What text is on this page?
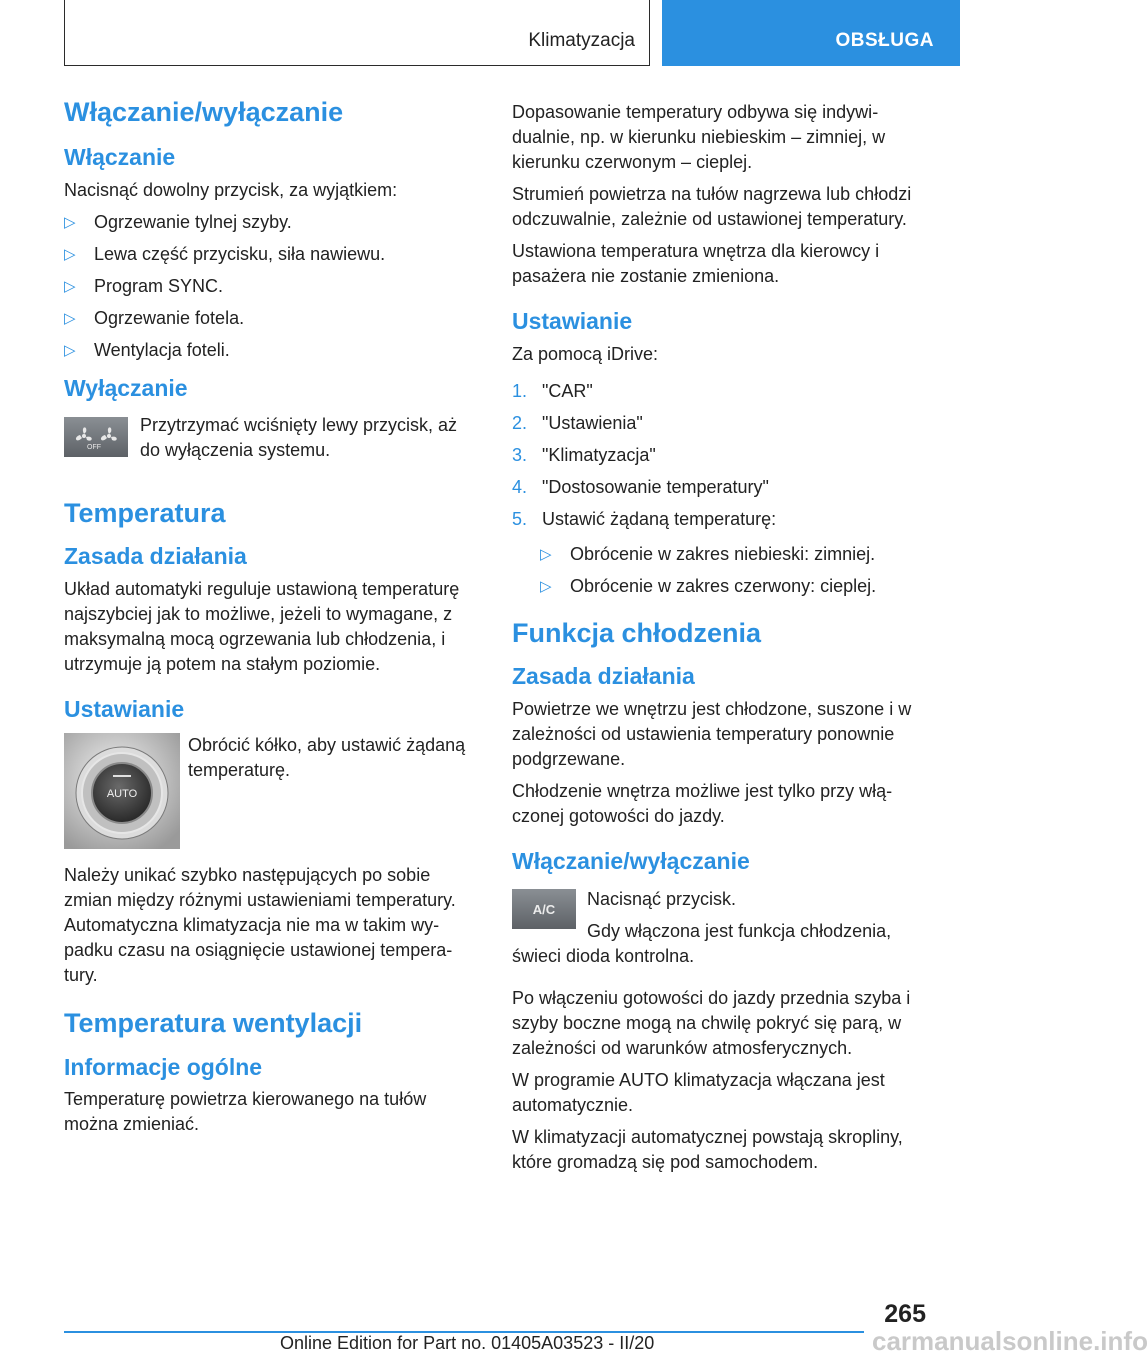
Klimatyzacja	OBSŁUGA
Włączanie/wyłączanie
Włączanie

Nacisnąć dowolny przycisk, za wyjątkiem:

▷ Ogrzewanie tylnej szyby.
▷ Lewa część przycisku, siła nawiewu.
▷ Program SYNC.
▷ Ogrzewanie fotela.
▷ Wentylacja foteli.
Wyłączanie
OFF

Przytrzymać wciśnięty lewy przycisk, aż do wyłączenia systemu.

Temperatura
Zasada działania

Układ automatyki reguluje ustawioną temperaturę najszybciej jak to możliwe, jeżeli to wymagane, z maksymalną mocą ogrzewania lub chłodzenia, i utrzymuje ją potem na stałym poziomie.

Ustawianie
AUTO

Obrócić kółko, aby ustawić żądaną temperaturę.

Należy unikać szybko następujących po sobie zmian między różnymi ustawieniami temperatury. Automatyczna klimatyzacja nie ma w takim wypadku czasu na osiągnięcie ustawionej temperatury.

Temperatura wentylacji
Informacje ogólne

Temperaturę powietrza kierowanego na tułów można zmieniać.

Dopasowanie temperatury odbywa się indywidualnie, np. w kierunku niebieskim – zimniej, w kierunku czerwonym – cieplej.

Strumień powietrza na tułów nagrzewa lub chłodzi odczuwalnie, zależnie od ustawionej temperatury.

Ustawiona temperatura wnętrza dla kierowcy i pasażera nie zostanie zmieniona.

Ustawianie

Za pomocą iDrive:

1. "CAR"
2. "Ustawienia"
3. "Klimatyzacja"
4. "Dostosowanie temperatury"
5. Ustawić żądaną temperaturę:
▷ Obrócenie w zakres niebieski: zimniej.
▷ Obrócenie w zakres czerwony: cieplej.
Funkcja chłodzenia
Zasada działania

Powietrze we wnętrzu jest chłodzone, suszone i w zależności od ustawienia temperatury ponownie podgrzewane.

Chłodzenie wnętrza możliwe jest tylko przy włączonej gotowości do jazdy.

Włączanie/wyłączanie
A/C

Nacisnąć przycisk.

Gdy włączona jest funkcja chłodzenia, świeci dioda kontrolna.

Po włączeniu gotowości do jazdy przednia szyba i szyby boczne mogą na chwilę pokryć się parą, w zależności od warunków atmosferycznych.

W programie AUTO klimatyzacja włączana jest automatycznie.

W klimatyzacji automatycznej powstają skropliny, które gromadzą się pod samochodem.

265
Online Edition for Part no. 01405A03523 - II/20	carmanualsonline.info
